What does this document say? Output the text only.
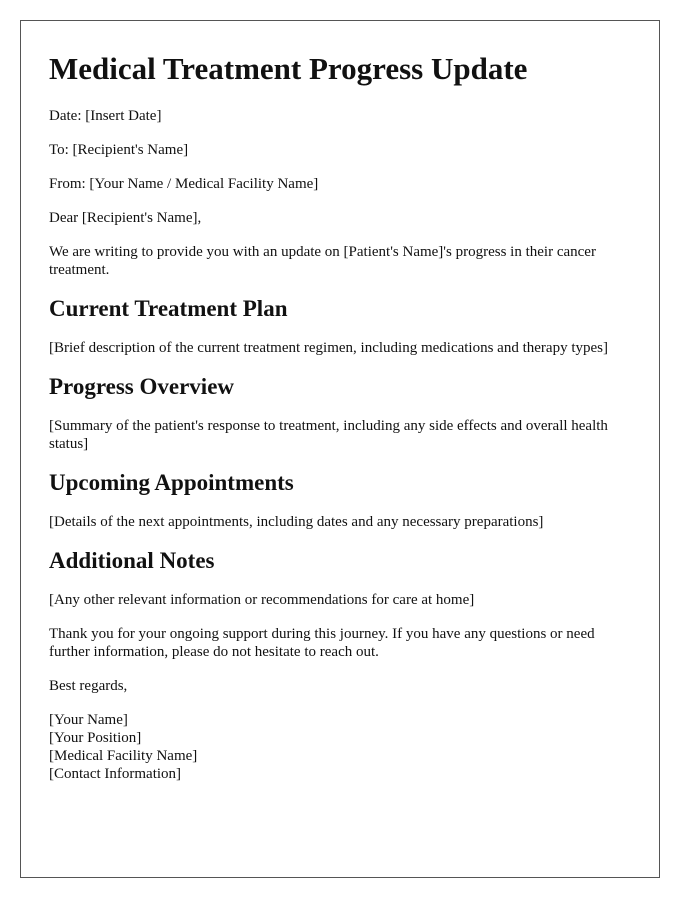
Medical Treatment Progress Update

Date: [Insert Date]

To: [Recipient's Name]

From: [Your Name / Medical Facility Name]

Dear [Recipient's Name],

We are writing to provide you with an update on [Patient's Name]'s progress in their cancer treatment.

Current Treatment Plan

[Brief description of the current treatment regimen, including medications and therapy types]

Progress Overview

[Summary of the patient's response to treatment, including any side effects and overall health status]

Upcoming Appointments

[Details of the next appointments, including dates and any necessary preparations]

Additional Notes

[Any other relevant information or recommendations for care at home]

Thank you for your ongoing support during this journey. If you have any questions or need further information, please do not hesitate to reach out.

Best regards,

[Your Name]
[Your Position]
[Medical Facility Name]
[Contact Information]
